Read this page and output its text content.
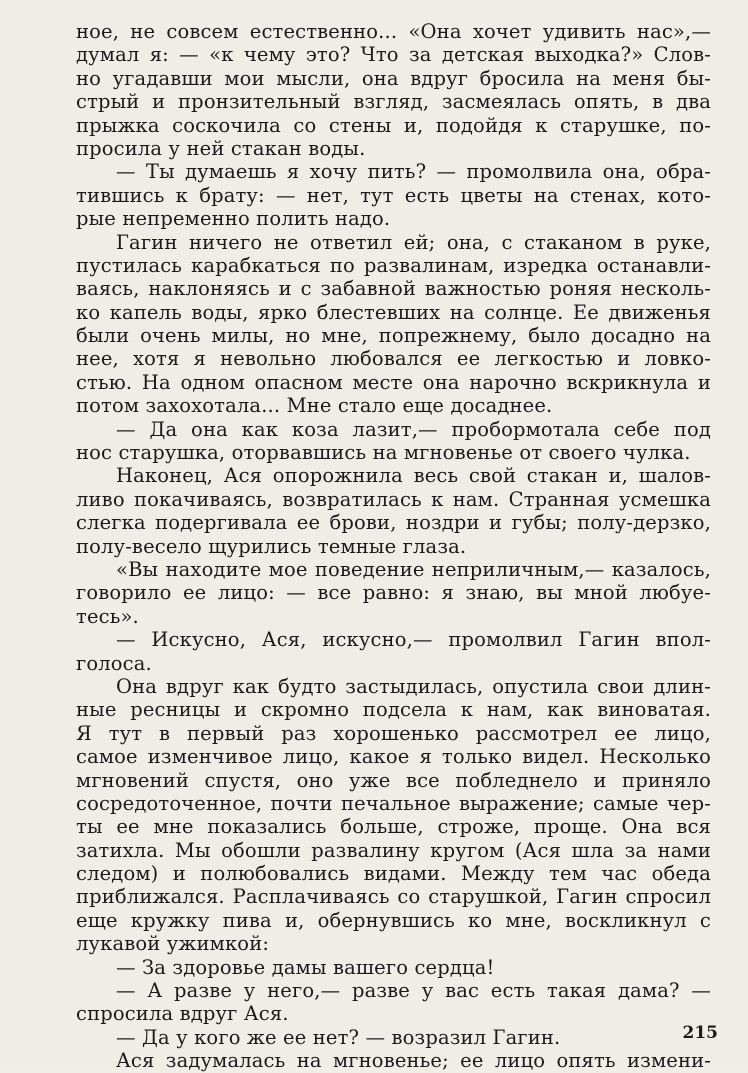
ное, не совсем естественно... «Она хочет удивить нас»,—
думал я: — «к чему это? Что за детская выходка?» Слов-
но угадавши мои мысли, она вдруг бросила на меня бы-
стрый и пронзительный взгляд, засмеялась опять, в два
прыжка соскочила со стены и, подойдя к старушке, по-
просила у ней стакан воды.
— Ты думаешь я хочу пить? — промолвила она, обра-
тившись к брату: — нет, тут есть цветы на стенах, кото-
рые непременно полить надо.
Гагин ничего не ответил ей; она, с стаканом в руке,
пустилась карабкаться по развалинам, изредка останавли-
ваясь, наклоняясь и с забавной важностью роняя несколь-
ко капель воды, ярко блестевших на солнце. Ее движенья
были очень милы, но мне, попрежнему, было досадно на
нее, хотя я невольно любовался ее легкостью и ловко-
стью. На одном опасном месте она нарочно вскрикнула и
потом захохотала... Мне стало еще досаднее.
— Да она как коза лазит,— пробормотала себе под
нос старушка, оторвавшись на мгновенье от своего чулка.
Наконец, Ася опорожнила весь свой стакан и, шалов-
ливо покачиваясь, возвратилась к нам. Странная усмешка
слегка подергивала ее брови, ноздри и губы; полу-дерзко,
полу-весело щурились темные глаза.
«Вы находите мое поведение неприличным,— казалось,
говорило ее лицо: — все равно: я знаю, вы мной любуе-
тесь».
— Искусно, Ася, искусно,— промолвил Гагин впол-
голоса.
Она вдруг как будто застыдилась, опустила свои длин-
ные ресницы и скромно подсела к нам, как виноватая.
Я тут в первый раз хорошенько рассмотрел ее лицо,
самое изменчивое лицо, какое я только видел. Несколько
мгновений спустя, оно уже все побледнело и приняло
сосредоточенное, почти печальное выражение; самые чер-
ты ее мне показались больше, строже, проще. Она вся
затихла. Мы обошли развалину кругом (Ася шла за нами
следом) и полюбовались видами. Между тем час обеда
приближался. Расплачиваясь со старушкой, Гагин спросил
еще кружку пива и, обернувшись ко мне, воскликнул с
лукавой ужимкой:
— За здоровье дамы вашего сердца!
— А разве у него,— разве у вас есть такая дама? —
спросила вдруг Ася.
— Да у кого же ее нет? — возразил Гагин.
Ася задумалась на мгновенье; ее лицо опять измени-
215
